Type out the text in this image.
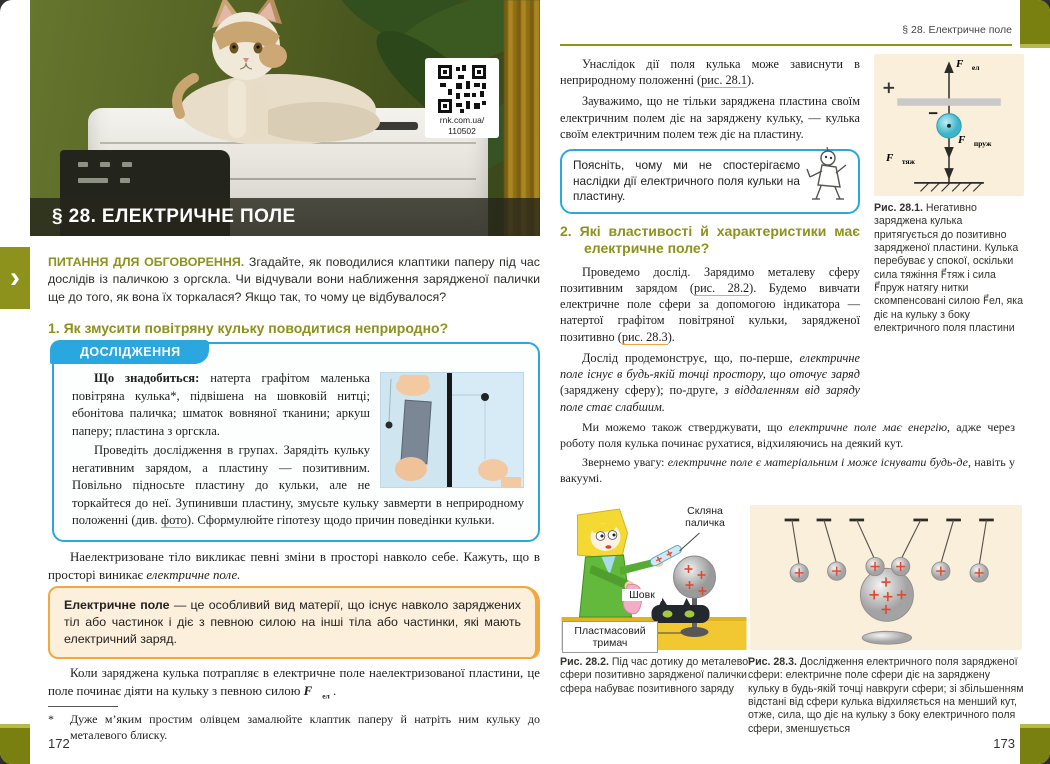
rnk.com.ua/
110502
§ 28. ЕЛЕКТРИЧНЕ ПОЛЕ
› ПИТАННЯ ДЛЯ ОБГОВОРЕННЯ. Згадайте, як поводилися клаптики паперу під час дослідів із паличкою з оргскла. Чи відчували вони наближення зарядженої палички ще до того, як вона їх торкалася? Якщо так, то чому це відбувалося?

1. Як змусити повітряну кульку поводитися неприродно?

Що знадобиться: натерта графітом маленька повітряна кулька*, підвішена на шовковій нитці; ебонітова паличка; шматок вовняної тканини; аркуш паперу; пластина з оргскла.

Проведіть дослідження в групах. Зарядіть кульку негативним зарядом, а пластину — позитивним. Повільно підносьте пластину до кульки, але не торкайтеся до неї. Зупинивши пластину, змусьте кульку завмерти в неприродному положенні (див. фото). Сформулюйте гіпотезу щодо причин поведінки кульки.

ДОСЛІДЖЕННЯ

Наелектризоване тіло викликає певні зміни в просторі навколо себе. Кажуть, що в просторі виникає електричне поле.

Електричне поле — це особливий вид матерії, що існує навколо заряджених тіл або частинок і діє з певною силою на інші тіла або частинки, які мають електричний заряд.

Коли заряджена кулька потрапляє в електричне поле наелектризованої пластини, це поле починає діяти на кульку з певною силою $F⃗_{ел}$ .

*	Дуже м’яким простим олівцем замалюйте клаптик паперу й натріть ним кульку до металевого блиску.
172
§ 28. Електричне поле

Унаслідок дії поля кулька може зависнути в неприродному положенні (рис. 28.1).

Зауважимо, що не тільки заряджена пластина своїм електричним полем діє на заряджену кульку, — кулька своїм електричним полем теж діє на пластину.

Поясніть, чому ми не спостерігаємо наслідки дії електричного поля кульки на пластину.
2. Які властивості й характеристики має електричне поле?

Проведемо дослід. Зарядимо металеву сферу позитивним зарядом (рис. 28.2). Будемо вивчати електричне поле сфери за допомогою індикатора — натертої графітом повітряної кульки, зарядженої позитивно (рис. 28.3).

Дослід продемонструє, що, по-перше, електричне поле існує в будь-якій точці простору, що оточує заряд (заряджену сферу); по-друге, з віддаленням від заряду поле стає слабшим.

Ми можемо також стверджувати, що електричне поле має енергію, адже через роботу поля кулька починає рухатися, відхиляючись на деякий кут.

Звернемо увагу: електричне поле є матеріальним і може існувати будь-де, навіть у вакуумі.

$F⃗_{ел}$
$F⃗_{пруж}$
$F⃗_{тяж}$
Рис. 28.1. Негативно заряджена кулька притягується до позитивно зарядженої пластини. Кулька перебуває у спокої, оскільки сила тяжіння F⃗тяж і сила F⃗пруж натягу нитки скомпенсовані силою F⃗ел, яка діє на кульку з боку електричного поля пластини
Скляна паличка
Шовк
Пластмасовий тримач
Рис. 28.2. Під час дотику до металевої сфери позитивно зарядженої палички сфера набуває позитивного заряду
Рис. 28.3. Дослідження електричного поля зарядженої сфери: електричне поле сфери діє на заряджену кульку в будь-якій точці навкруги сфери; зі збільшенням відстані від сфери кулька відхиляється на менший кут, отже, сила, що діє на кульку з боку електричного поля сфери, зменшується
173
